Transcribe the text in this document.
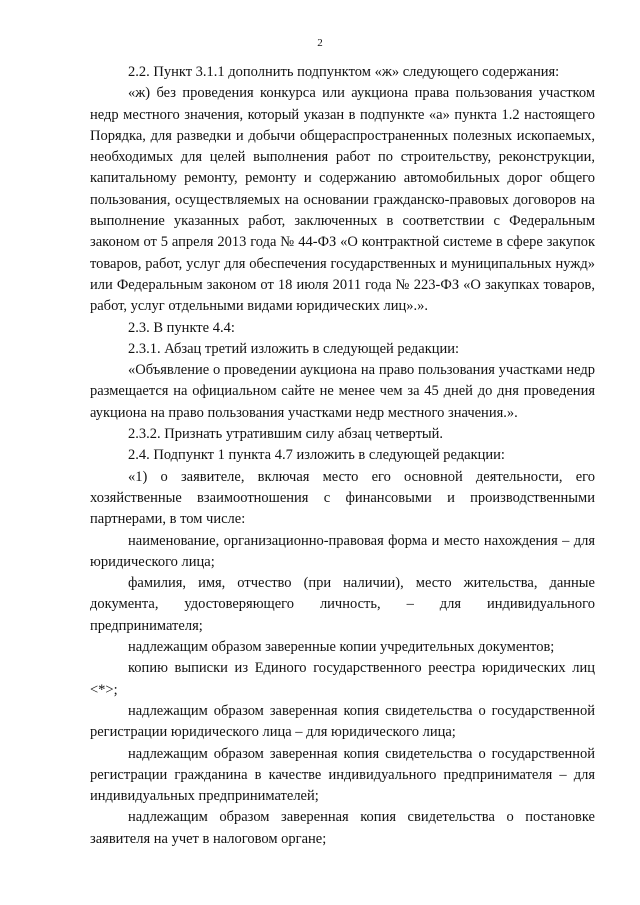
2

2.2. Пункт 3.1.1 дополнить подпунктом «ж» следующего содержания:

«ж) без проведения конкурса или аукциона права пользования участком недр местного значения, который указан в подпункте «а» пункта 1.2 настоящего Порядка, для разведки и добычи общераспространенных полезных ископаемых, необходимых для целей выполнения работ по строительству, реконструкции, капитальному ремонту, ремонту и содержанию автомобильных дорог общего пользования, осуществляемых на основании гражданско-правовых договоров на выполнение указанных работ, заключенных в соответствии с Федеральным законом от 5 апреля 2013 года № 44-ФЗ «О контрактной системе в сфере закупок товаров, работ, услуг для обеспечения государственных и муниципальных нужд» или Федеральным законом от 18 июля 2011 года № 223-ФЗ «О закупках товаров, работ, услуг отдельными видами юридических лиц».».

2.3. В пункте 4.4:

2.3.1. Абзац третий изложить в следующей редакции:

«Объявление о проведении аукциона на право пользования участками недр размещается на официальном сайте не менее чем за 45 дней до дня проведения аукциона на право пользования участками недр местного значения.».

2.3.2. Признать утратившим силу абзац четвертый.

2.4. Подпункт 1 пункта 4.7 изложить в следующей редакции:

«1) о заявителе, включая место его основной деятельности, его хозяйственные взаимоотношения с финансовыми и производственными партнерами, в том числе:

наименование, организационно-правовая форма и место нахождения – для юридического лица;

фамилия, имя, отчество (при наличии), место жительства, данные документа, удостоверяющего личность, – для индивидуального предпринимателя;

надлежащим образом заверенные копии учредительных документов;

копию выписки из Единого государственного реестра юридических лиц <*>;

надлежащим образом заверенная копия свидетельства о государственной регистрации юридического лица – для юридического лица;

надлежащим образом заверенная копия свидетельства о государственной регистрации гражданина в качестве индивидуального предпринимателя – для индивидуальных предпринимателей;

надлежащим образом заверенная копия свидетельства о постановке заявителя на учет в налоговом органе;
